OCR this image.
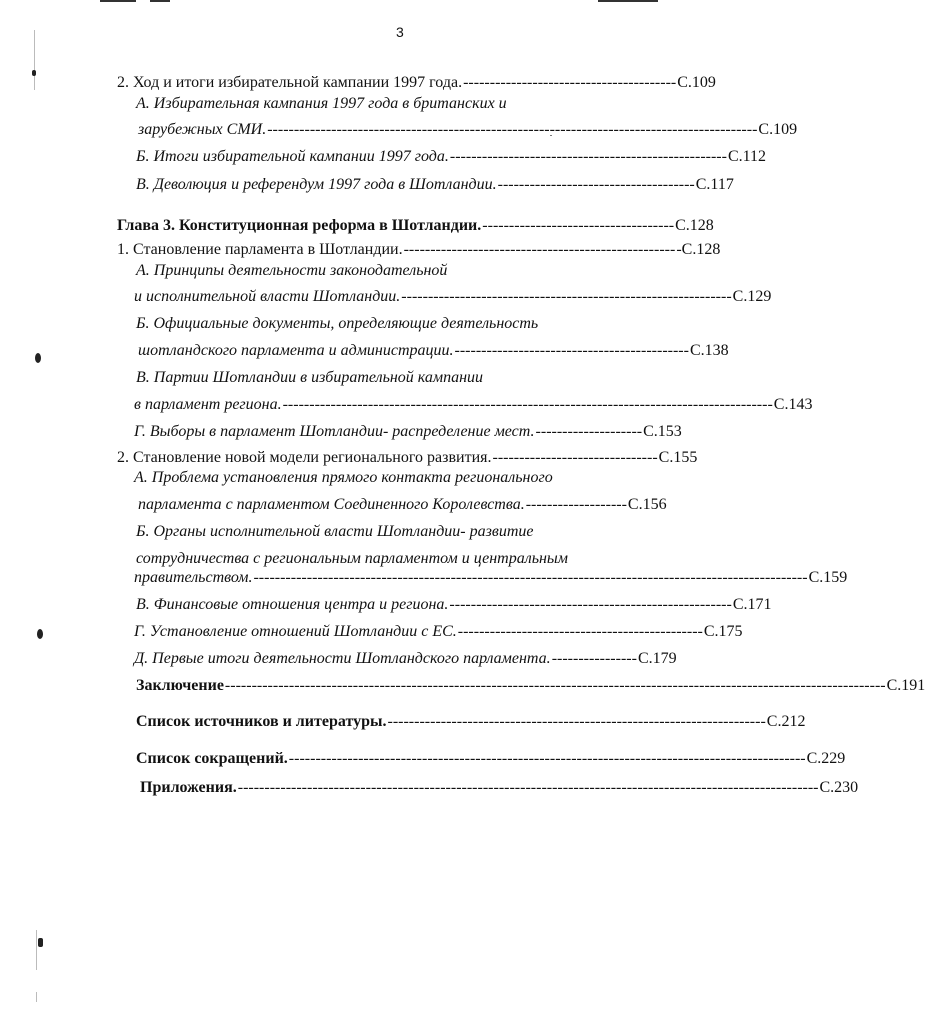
3
2. Ход и итоги избирательной кампании 1997 года. ---------------------------------------- С.109
А. Избирательная кампания 1997 года в британских и
зарубежных СМИ. -------------------------------------------------------------------------------------------- С.109
Б. Итоги избирательной кампании 1997 года. ---------------------------------------------------- С.112
В. Деволюция и референдум 1997 года в Шотландии. ------------------------------------- С.117
Глава 3. Конституционная реформа в Шотландии. ------------------------------------ С.128
1. Становление парламента в Шотландии. --------------------------------------------------- -С.128
А. Принципы деятельности законодательной
и исполнительной власти Шотландии. -------------------------------------------------------------- С.129
Б. Официальные документы, определяющие деятельность
шотландского парламента и администрации. -------------------------------------------- С.138
В. Партии Шотландии в избирательной кампании
в парламент региона. -------------------------------------------------------------------------------------------- С.143
Г. Выборы в парламент Шотландии- распределение мест. -------------------- С.153
2. Становление новой модели регионального развития. ------------------------------- С.155
А. Проблема установления прямого контакта регионального
парламента с парламентом Соединенного Королевства. ------------------- С.156
Б. Органы исполнительной власти Шотландии- развитие
сотрудничества с региональным парламентом и центральным
правительством. -------------------------------------------------------------------------------------------------------- С.159
В. Финансовые отношения центра и региона. ----------------------------------------------------- С.171
Г. Установление отношений Шотландии с ЕС. ---------------------------------------------- С.175
Д. Первые итоги деятельности Шотландского парламента. ---------------- С.179
Заключение ---------------------------------------------------------------------------------------------------------------------------- С.191
Список источников и литературы. ----------------------------------------------------------------------- С.212
Список сокращений. ------------------------------------------------------------------------------------------------- С.229
Приложения. ------------------------------------------------------------------------------------------------------------- С.230
